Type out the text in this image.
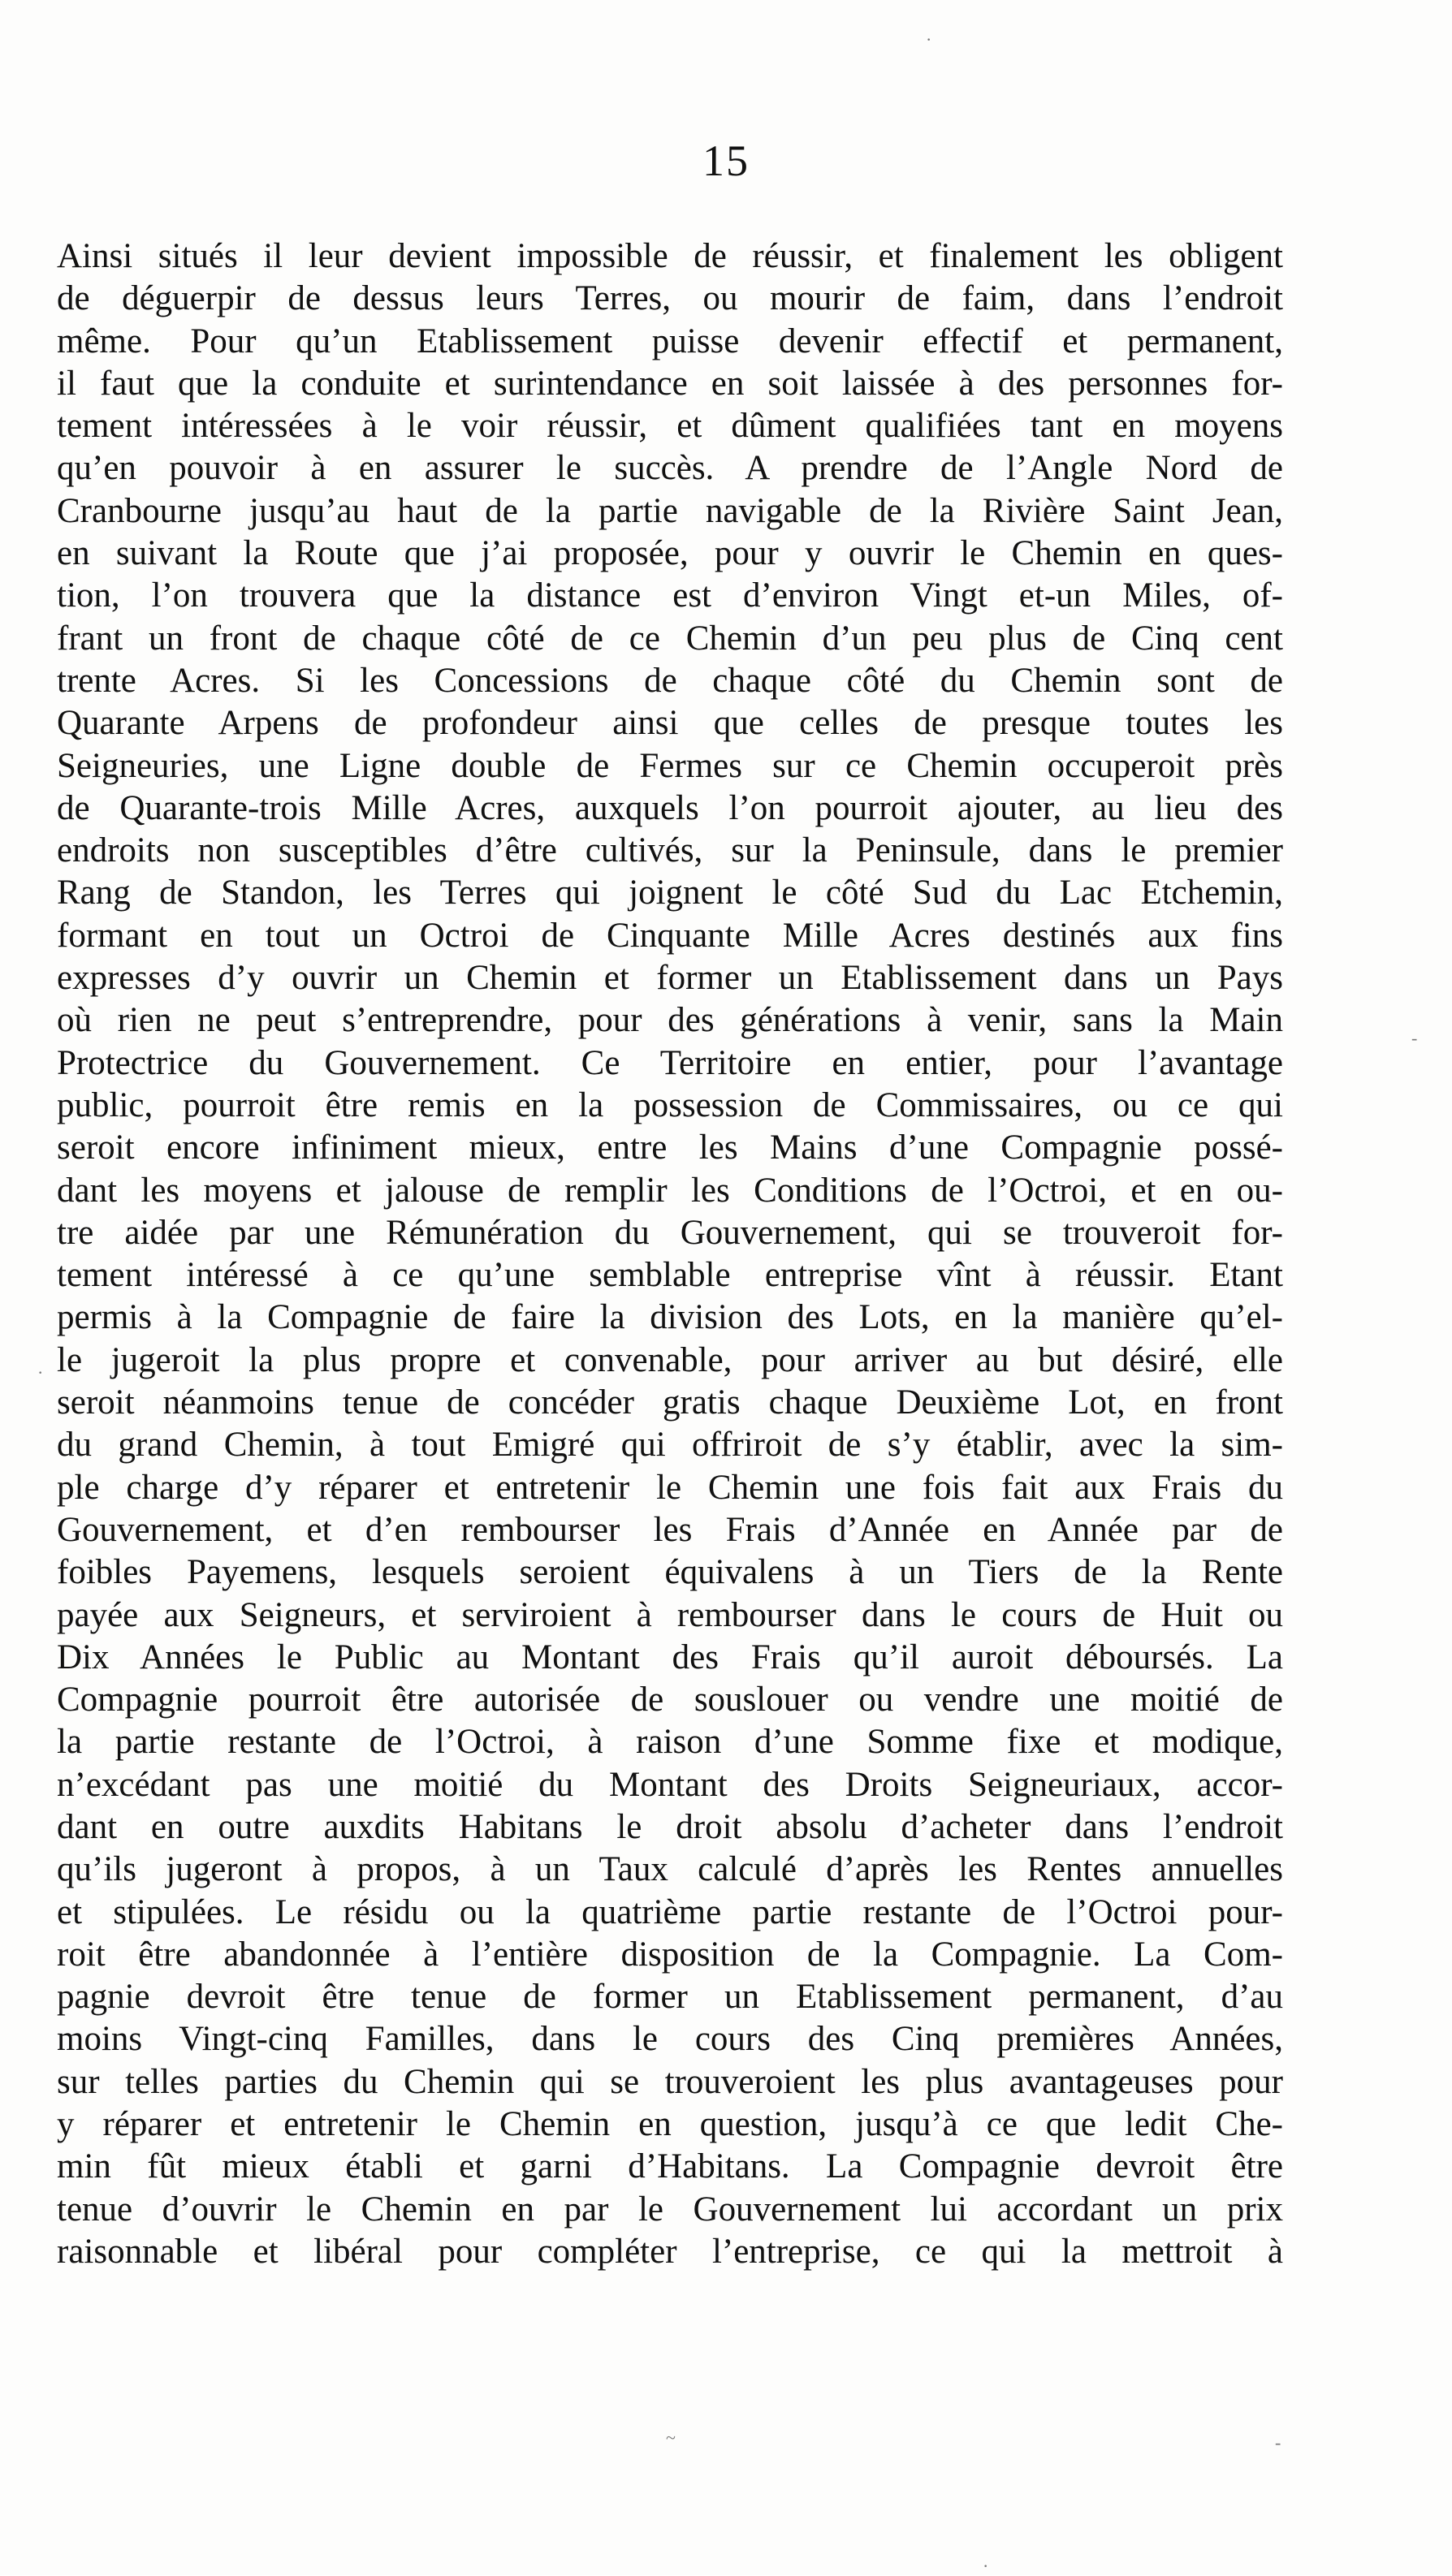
15
Ainsi situés il leur devient impossible de réussir, et finalement les obligent
de déguerpir de dessus leurs Terres, ou mourir de faim, dans l’endroit
même. Pour qu’un Etablissement puisse devenir effectif et permanent,
il faut que la conduite et surintendance en soit laissée à des personnes for-
tement intéressées à le voir réussir, et dûment qualifiées tant en moyens
qu’en pouvoir à en assurer le succès. A prendre de l’Angle Nord de
Cranbourne jusqu’au haut de la partie navigable de la Rivière Saint Jean,
en suivant la Route que j’ai proposée, pour y ouvrir le Chemin en ques-
tion, l’on trouvera que la distance est d’environ Vingt et-un Miles, of-
frant un front de chaque côté de ce Chemin d’un peu plus de Cinq cent
trente Acres. Si les Concessions de chaque côté du Chemin sont de
Quarante Arpens de profondeur ainsi que celles de presque toutes les
Seigneuries, une Ligne double de Fermes sur ce Chemin occuperoit près
de Quarante-trois Mille Acres, auxquels l’on pourroit ajouter, au lieu des
endroits non susceptibles d’être cultivés, sur la Peninsule, dans le premier
Rang de Standon, les Terres qui joignent le côté Sud du Lac Etchemin,
formant en tout un Octroi de Cinquante Mille Acres destinés aux fins
expresses d’y ouvrir un Chemin et former un Etablissement dans un Pays
où rien ne peut s’entreprendre, pour des générations à venir, sans la Main
Protectrice du Gouvernement. Ce Territoire en entier, pour l’avantage
public, pourroit être remis en la possession de Commissaires, ou ce qui
seroit encore infiniment mieux, entre les Mains d’une Compagnie possé-
dant les moyens et jalouse de remplir les Conditions de l’Octroi, et en ou-
tre aidée par une Rémunération du Gouvernement, qui se trouveroit for-
tement intéressé à ce qu’une semblable entreprise vînt à réussir. Etant
permis à la Compagnie de faire la division des Lots, en la manière qu’el-
le jugeroit la plus propre et convenable, pour arriver au but désiré, elle
seroit néanmoins tenue de concéder gratis chaque Deuxième Lot, en front
du grand Chemin, à tout Emigré qui offriroit de s’y établir, avec la sim-
ple charge d’y réparer et entretenir le Chemin une fois fait aux Frais du
Gouvernement, et d’en rembourser les Frais d’Année en Année par de
foibles Payemens, lesquels seroient équivalens à un Tiers de la Rente
payée aux Seigneurs, et serviroient à rembourser dans le cours de Huit ou
Dix Années le Public au Montant des Frais qu’il auroit déboursés. La
Compagnie pourroit être autorisée de souslouer ou vendre une moitié de
la partie restante de l’Octroi, à raison d’une Somme fixe et modique,
n’excédant pas une moitié du Montant des Droits Seigneuriaux, accor-
dant en outre auxdits Habitans le droit absolu d’acheter dans l’endroit
qu’ils jugeront à propos, à un Taux calculé d’après les Rentes annuelles
et stipulées. Le résidu ou la quatrième partie restante de l’Octroi pour-
roit être abandonnée à l’entière disposition de la Compagnie. La Com-
pagnie devroit être tenue de former un Etablissement permanent, d’au
moins Vingt-cinq Familles, dans le cours des Cinq premières Années,
sur telles parties du Chemin qui se trouveroient les plus avantageuses pour
y réparer et entretenir le Chemin en question, jusqu’à ce que ledit Che-
min fût mieux établi et garni d’Habitans. La Compagnie devroit être
tenue d’ouvrir le Chemin en par le Gouvernement lui accordant un prix
raisonnable et libéral pour compléter l’entreprise, ce qui la mettroit à
·
-
·
~	-
·
